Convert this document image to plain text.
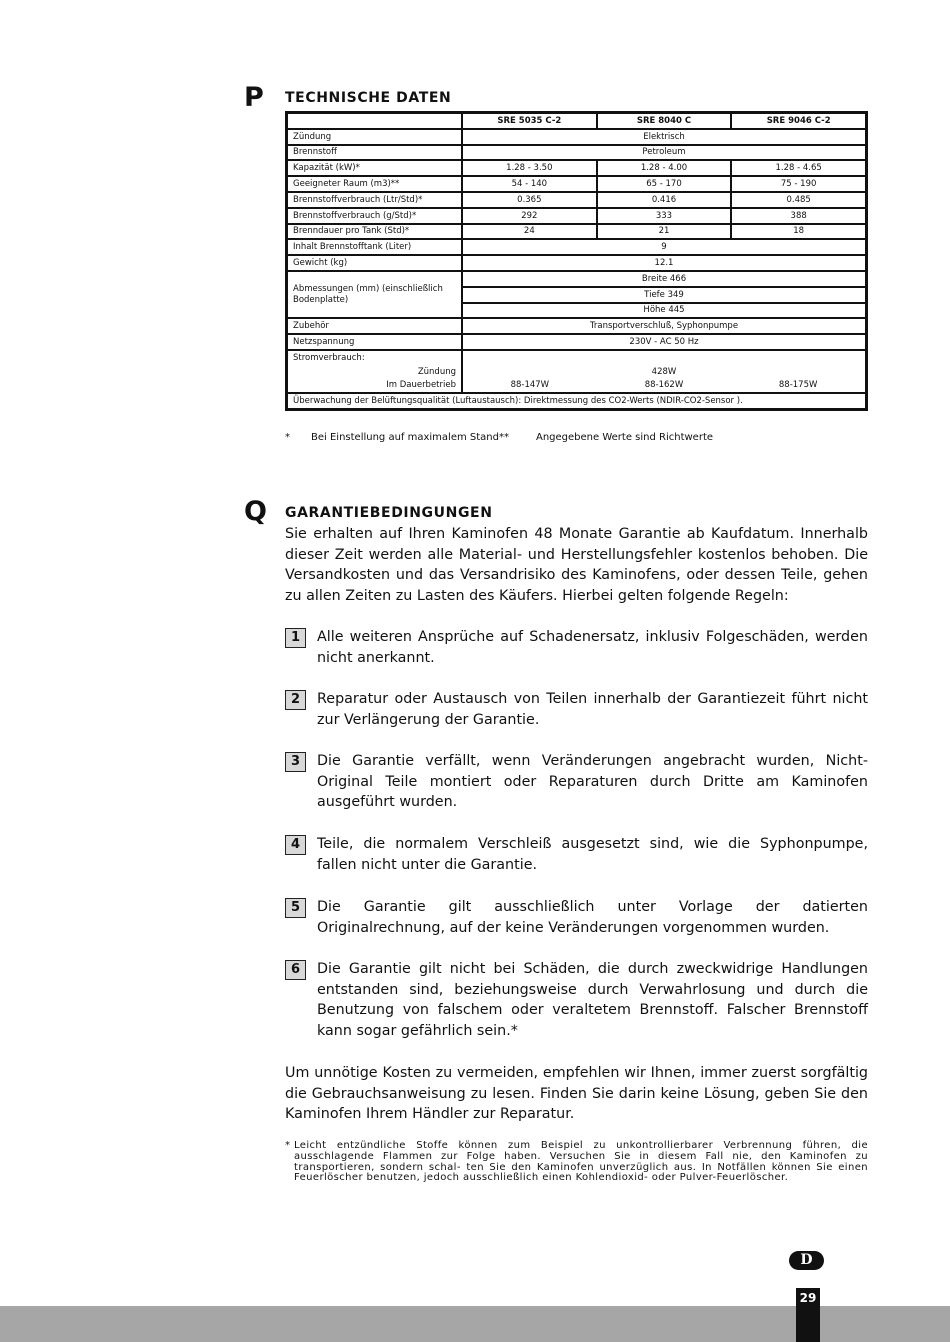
P TECHNISCHE DATEN
	SRE 5035 C-2	SRE 8040 C	SRE 9046 C-2
Zündung	Elektrisch		
Brennstoff	Petroleum		
Kapazität (kW)*	1.28 - 3.50	1.28 - 4.00	1.28 - 4.65
Geeigneter Raum (m3)**	54 - 140	65 - 170	75 - 190
Brennstoffverbrauch (Ltr/Std)*	0.365	0.416	0.485
Brennstoffverbrauch (g/Std)*	292	333	388
Brenndauer pro Tank (Std)*	24	21	18
Inhalt Brennstofftank (Liter)	9		
Gewicht (kg)	12.1		
Abmessungen (mm) (einschließlich Bodenplatte)	Breite 466		
	Tiefe 349		
	Höhe 445		
Zubehör	Transportverschluß, Syphonpumpe		
Netzspannung	230V - AC 50 Hz		
Stromverbrauch:			
Zündung	428W		
Im Dauerbetrieb	88-147W	88-162W	88-175W
Überwachung der Belüftungsqualität (Luftaustausch): Direktmessung des CO2-Werts (NDIR-CO2-Sensor ).			
* Bei Einstellung auf maximalem Stand**	Angegebene Werte sind Richtwerte
Q GARANTIEBEDINGUNGEN
Sie erhalten auf Ihren Kaminofen 48 Monate Garantie ab Kaufdatum. Innerhalb dieser Zeit werden alle Material- und Herstellungsfehler kostenlos behoben. Die Versandkosten und das Versandrisiko des Kaminofens, oder dessen Teile, gehen zu allen Zeiten zu Lasten des Käufers. Hierbei gelten folgende Regeln:
1	Alle weiteren Ansprüche auf Schadenersatz, inklusiv Folgeschäden, werden nicht anerkannt.
2	Reparatur oder Austausch von Teilen innerhalb der Garantiezeit führt nicht zur Verlängerung der Garantie.
3	Die Garantie verfällt, wenn Veränderungen angebracht wurden, Nicht- Original Teile montiert oder Reparaturen durch Dritte am Kaminofen ausgeführt wurden.
4	Teile, die normalem Verschleiß ausgesetzt sind, wie die Syphonpumpe, fallen nicht unter die Garantie.
5	Die Garantie gilt ausschließlich unter Vorlage der datierten Originalrechnung, auf der keine Veränderungen vorgenommen wurden.
6	Die Garantie gilt nicht bei Schäden, die durch zweckwidrige Handlungen entstanden sind, beziehungsweise durch Verwahrlosung und durch die Benutzung von falschem oder veraltetem Brennstoff. Falscher Brennstoff kann sogar gefährlich sein.*
Um unnötige Kosten zu vermeiden, empfehlen wir Ihnen, immer zuerst sorgfältig die Gebrauchsanweisung zu lesen. Finden Sie darin keine Lösung, geben Sie den Kaminofen Ihrem Händler zur Reparatur.
* Leicht entzündliche Stoffe können zum Beispiel zu unkontrollierbarer Verbrennung führen, die ausschlagende Flammen zur Folge haben. Versuchen Sie in diesem Fall nie, den Kaminofen zu transportieren, sondern schal- ten Sie den Kaminofen unverzüglich aus. In Notfällen können Sie einen Feuerlöscher benutzen, jedoch ausschließlich einen Kohlendioxid- oder Pulver-Feuerlöscher.
D
29
